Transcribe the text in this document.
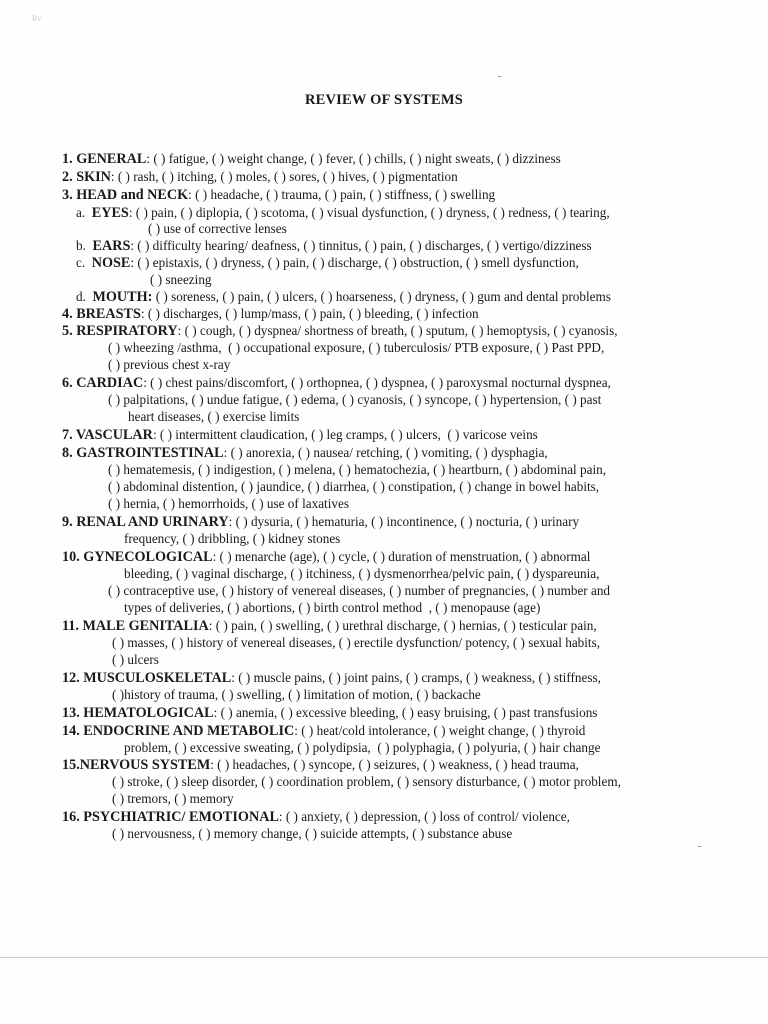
Rv
REVIEW OF SYSTEMS
1. GENERAL: ( ) fatigue, ( ) weight change, ( ) fever, ( ) chills, ( ) night sweats, ( ) dizziness
2. SKIN: ( ) rash, ( ) itching, ( ) moles, ( ) sores, ( ) hives, ( ) pigmentation
3. HEAD and NECK: ( ) headache, ( ) trauma, ( ) pain, ( ) stiffness, ( ) swelling
a.  EYES: ( ) pain, ( ) diplopia, ( ) scotoma, ( ) visual dysfunction, ( ) dryness, ( ) redness, ( ) tearing,
( ) use of corrective lenses
b.  EARS: ( ) difficulty hearing/ deafness, ( ) tinnitus, ( ) pain, ( ) discharges, ( ) vertigo/dizziness
c.  NOSE: ( ) epistaxis, ( ) dryness, ( ) pain, ( ) discharge, ( ) obstruction, ( ) smell dysfunction,
( ) sneezing
d.  MOUTH: ( ) soreness, ( ) pain, ( ) ulcers, ( ) hoarseness, ( ) dryness, ( ) gum and dental problems
4. BREASTS: ( ) discharges, ( ) lump/mass, ( ) pain, ( ) bleeding, ( ) infection
5. RESPIRATORY: ( ) cough, ( ) dyspnea/ shortness of breath, ( ) sputum, ( ) hemoptysis, ( ) cyanosis,
( ) wheezing /asthma,  ( ) occupational exposure, ( ) tuberculosis/ PTB exposure, ( ) Past PPD,
( ) previous chest x-ray
6. CARDIAC: ( ) chest pains/discomfort, ( ) orthopnea, ( ) dyspnea, ( ) paroxysmal nocturnal dyspnea,
( ) palpitations, ( ) undue fatigue, ( ) edema, ( ) cyanosis, ( ) syncope, ( ) hypertension, ( ) past
heart diseases, ( ) exercise limits
7. VASCULAR: ( ) intermittent claudication, ( ) leg cramps, ( ) ulcers,  ( ) varicose veins
8. GASTROINTESTINAL: ( ) anorexia, ( ) nausea/ retching, ( ) vomiting, ( ) dysphagia,
( ) hematemesis, ( ) indigestion, ( ) melena, ( ) hematochezia, ( ) heartburn, ( ) abdominal pain,
( ) abdominal distention, ( ) jaundice, ( ) diarrhea, ( ) constipation, ( ) change in bowel habits,
( ) hernia, ( ) hemorrhoids, ( ) use of laxatives
9. RENAL AND URINARY: ( ) dysuria, ( ) hematuria, ( ) incontinence, ( ) nocturia, ( ) urinary
frequency, ( ) dribbling, ( ) kidney stones
10. GYNECOLOGICAL: ( ) menarche (age), ( ) cycle, ( ) duration of menstruation, ( ) abnormal
bleeding, ( ) vaginal discharge, ( ) itchiness, ( ) dysmenorrhea/pelvic pain, ( ) dyspareunia,
( ) contraceptive use, ( ) history of venereal diseases, ( ) number of pregnancies, ( ) number and
types of deliveries, ( ) abortions, ( ) birth control method  , ( ) menopause (age)
11. MALE GENITALIA: ( ) pain, ( ) swelling, ( ) urethral discharge, ( ) hernias, ( ) testicular pain,
( ) masses, ( ) history of venereal diseases, ( ) erectile dysfunction/ potency, ( ) sexual habits,
( ) ulcers
12. MUSCULOSKELETAL: ( ) muscle pains, ( ) joint pains, ( ) cramps, ( ) weakness, ( ) stiffness,
( )history of trauma, ( ) swelling, ( ) limitation of motion, ( ) backache
13. HEMATOLOGICAL: ( ) anemia, ( ) excessive bleeding, ( ) easy bruising, ( ) past transfusions
14. ENDOCRINE AND METABOLIC: ( ) heat/cold intolerance, ( ) weight change, ( ) thyroid
problem, ( ) excessive sweating, ( ) polydipsia,  ( ) polyphagia, ( ) polyuria, ( ) hair change
15.NERVOUS SYSTEM: ( ) headaches, ( ) syncope, ( ) seizures, ( ) weakness, ( ) head trauma,
( ) stroke, ( ) sleep disorder, ( ) coordination problem, ( ) sensory disturbance, ( ) motor problem,
( ) tremors, ( ) memory
16. PSYCHIATRIC/ EMOTIONAL: ( ) anxiety, ( ) depression, ( ) loss of control/ violence,
( ) nervousness, ( ) memory change, ( ) suicide attempts, ( ) substance abuse
